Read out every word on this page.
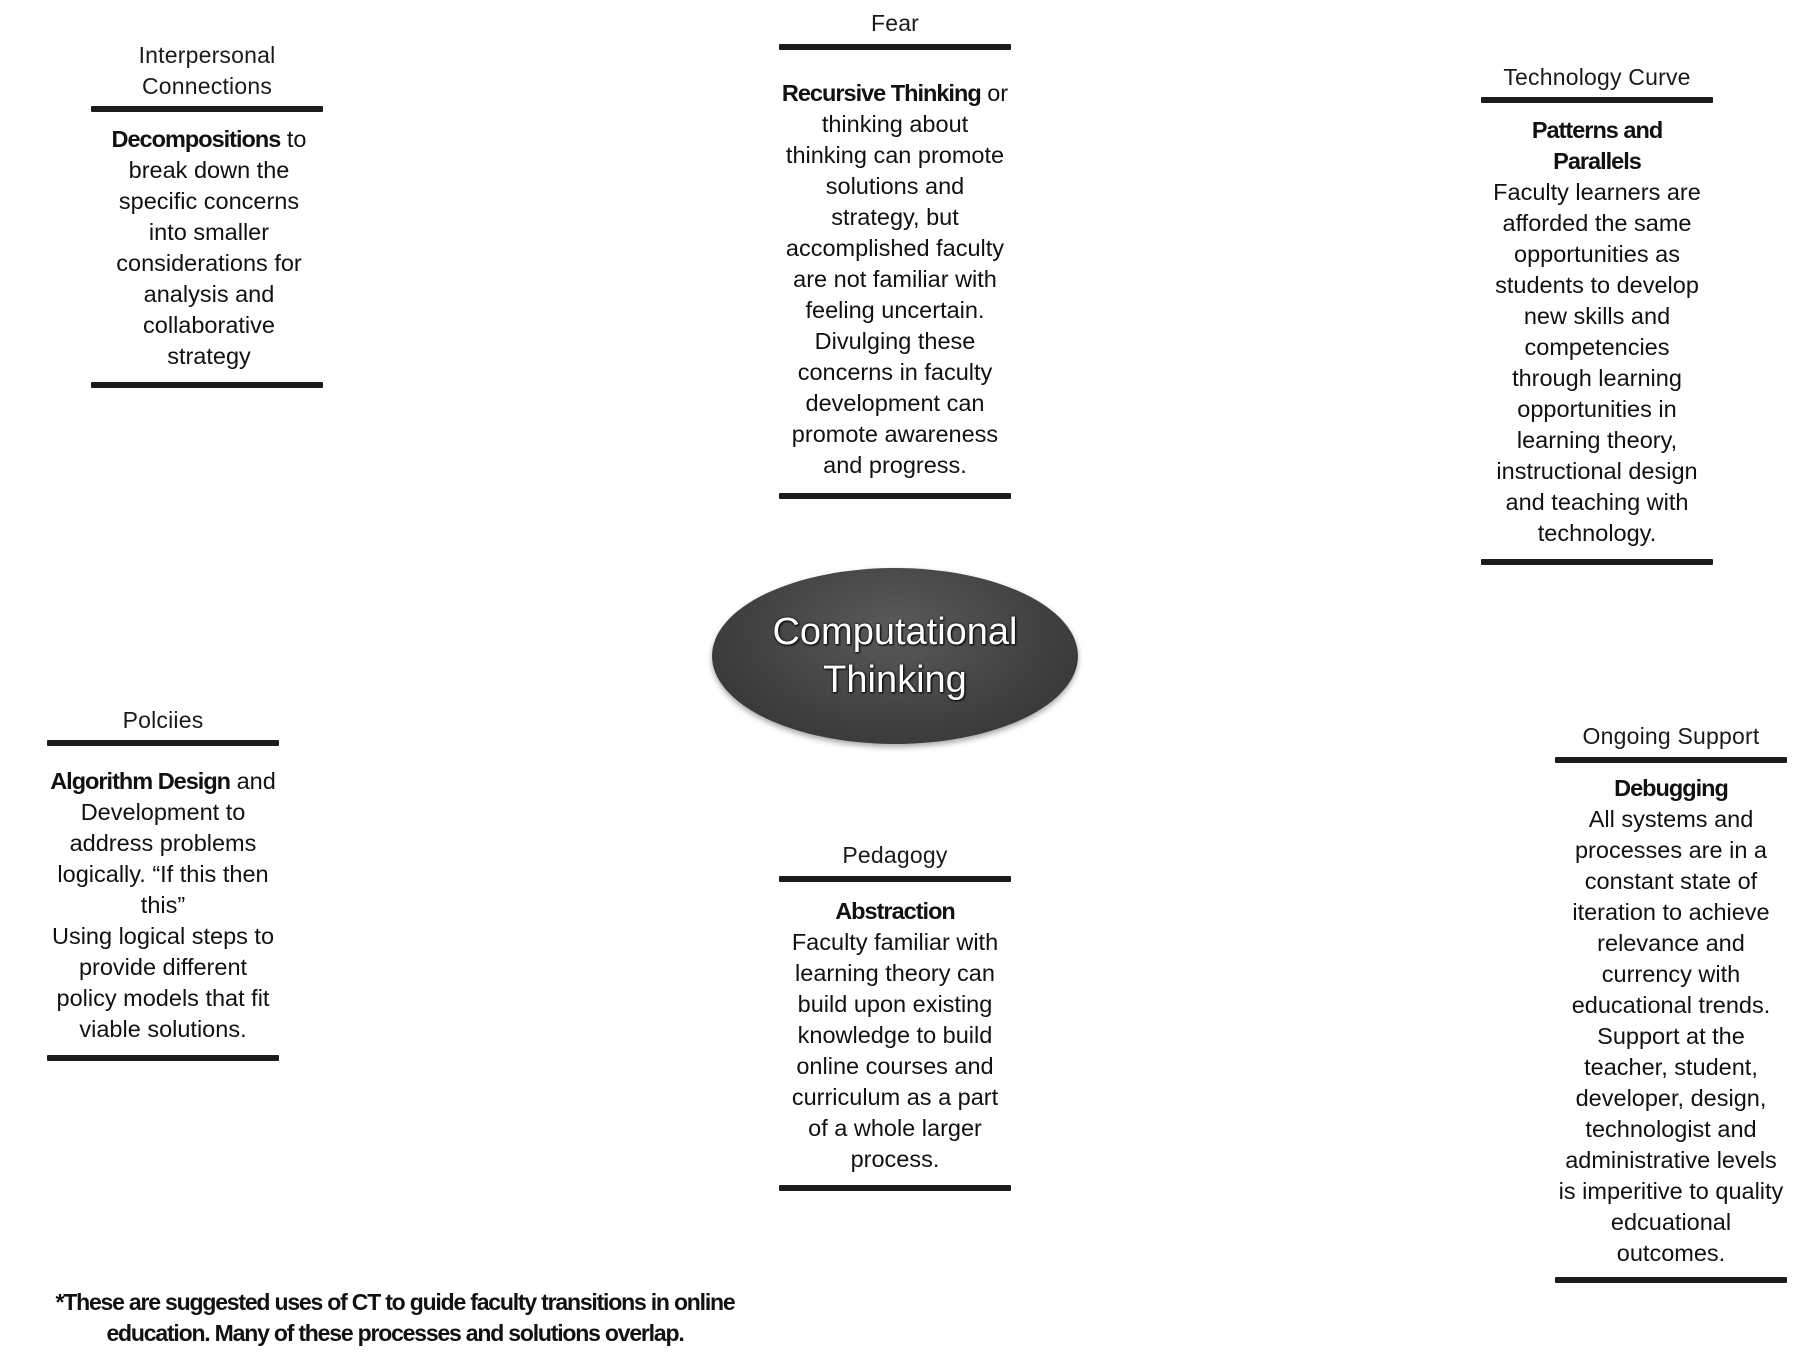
Interpersonal Connections
Decompositions to break down the specific concerns into smaller considerations for analysis and collaborative strategy
Fear
Recursive Thinking or thinking about thinking can promote solutions and strategy, but accomplished faculty are not familiar with feeling uncertain. Divulging these concerns in faculty development can promote awareness and progress.
Technology Curve
Patterns and Parallels
Faculty learners are afforded the same opportunities as students to develop new skills and competencies through learning opportunities in learning theory, instructional design and teaching with technology.
Computational Thinking
Polciies
Algorithm Design and Development to address problems logically. “If this then this”
Using logical steps to provide different policy models that fit viable solutions.
Pedagogy
Abstraction
Faculty familiar with learning theory can build upon existing knowledge to build online courses and curriculum as a part of a whole larger process.
Ongoing Support
Debugging
All systems and processes are in a constant state of iteration to achieve relevance and currency with educational trends. Support at the teacher, student, developer, design, technologist and administrative levels is imperitive to quality edcuational outcomes.
*These are suggested uses of CT to guide faculty transitions in online education. Many of these processes and solutions overlap.
